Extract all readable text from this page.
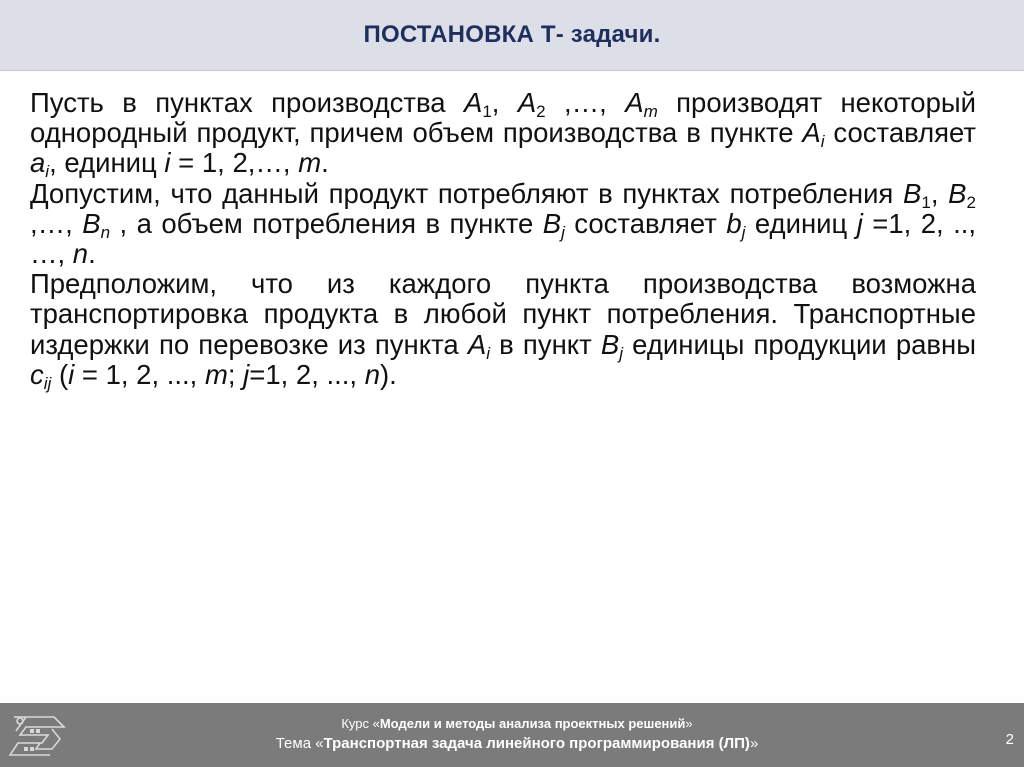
ПОСТАНОВКА Т- задачи.

Пусть в пунктах производства $A_1$, $A_2$ ,…, $A_m$ производят некоторый однородный продукт, причем объем производства в пункте $A_i$ составляет $a_i$, единиц i = 1, 2,…, m.

Допустим, что данный продукт потребляют в пунктах потребления $B_1$, $B_2$ ,…, $B_n$ , а объем потребления в пункте $B_j$ составляет $b_j$ единиц j =1, 2, .., …, n.

Предположим, что из каждого пункта производства возможна транспортировка продукта в любой пункт потребления. Транспортные издержки по перевозке из пункта $A_i$ в пункт $B_j$ единицы продукции равны $c_{ij}$ (i = 1, 2, ..., m; j=1, 2, ..., n).

Курс «Модели и методы анализа проектных решений»
Тема «Транспортная задача линейного программирования (ЛП)»	2
